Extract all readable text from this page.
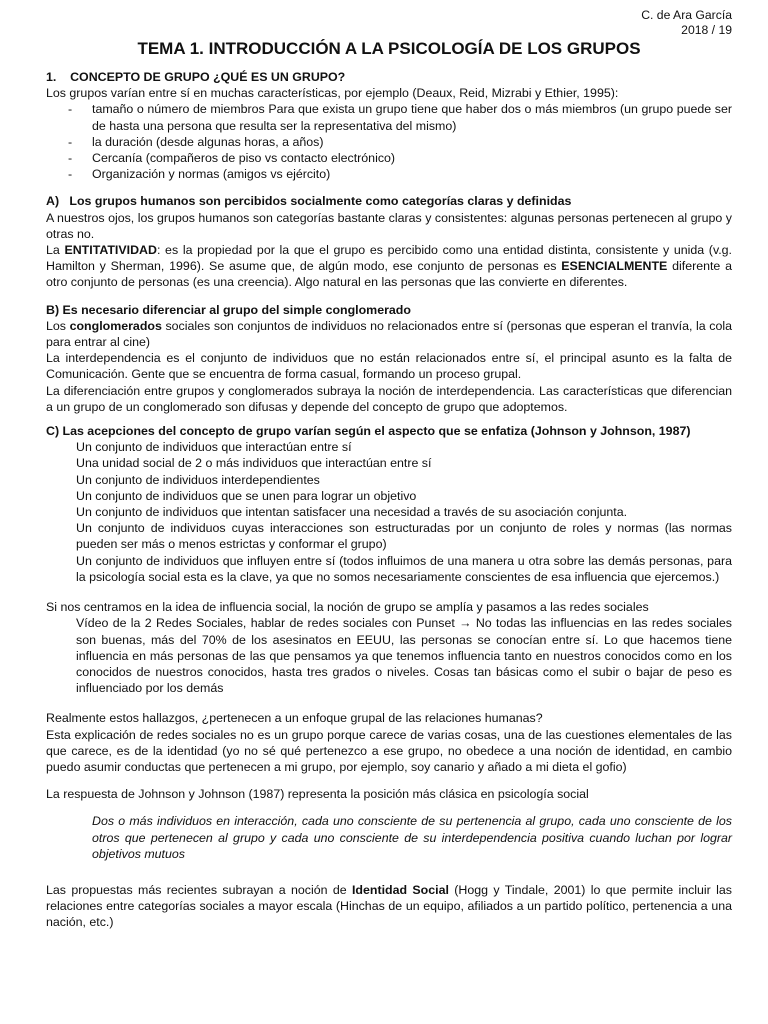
C. de Ara García
2018 / 19
TEMA 1. INTRODUCCIÓN A LA PSICOLOGÍA DE LOS GRUPOS

1.    CONCEPTO DE GRUPO ¿QUÉ ES UN GRUPO?

Los grupos varían entre sí en muchas características, por ejemplo (Deaux, Reid, Mizrabi y Ethier, 1995):

- tamaño o número de miembros Para que exista un grupo tiene que haber dos o más miembros (un grupo puede ser de hasta una persona que resulta ser la representativa del mismo)
- la duración (desde algunas horas, a años)
- Cercanía (compañeros de piso vs contacto electrónico)
- Organización y normas (amigos vs ejército)

A)   Los grupos humanos son percibidos socialmente como categorías claras y definidas

A nuestros ojos, los grupos humanos son categorías bastante claras y consistentes: algunas personas pertenecen al grupo y otras no.

La ENTITATIVIDAD: es la propiedad por la que el grupo es percibido como una entidad distinta, consistente y unida (v.g. Hamilton y Sherman, 1996). Se asume que, de algún modo, ese conjunto de personas es ESENCIALMENTE diferente a otro conjunto de personas (es una creencia). Algo natural en las personas que las convierte en diferentes.

B) Es necesario diferenciar al grupo del simple conglomerado

Los conglomerados sociales son conjuntos de individuos no relacionados entre sí (personas que esperan el tranvía, la cola para entrar al cine)

La interdependencia es el conjunto de individuos que no están relacionados entre sí, el principal asunto es la falta de Comunicación. Gente que se encuentra de forma casual, formando un proceso grupal.

La diferenciación entre grupos y conglomerados subraya la noción de interdependencia. Las características que diferencian a un grupo de un conglomerado son difusas y depende del concepto de grupo que adoptemos.

C) Las acepciones del concepto de grupo varían según el aspecto que se enfatiza (Johnson y Johnson, 1987)

Un conjunto de individuos que interactúan entre sí

Una unidad social de 2 o más individuos que interactúan entre sí

Un conjunto de individuos interdependientes

Un conjunto de individuos que se unen para lograr un objetivo

Un conjunto de individuos que intentan satisfacer una necesidad a través de su asociación conjunta.

Un conjunto de individuos cuyas interacciones son estructuradas por un conjunto de roles y normas (las normas pueden ser más o menos estrictas y conformar el grupo)

Un conjunto de individuos que influyen entre sí (todos influimos de una manera u otra sobre las demás personas, para la psicología social esta es la clave, ya que no somos necesariamente conscientes de esa influencia que ejercemos.)

Si nos centramos en la idea de influencia social, la noción de grupo se amplía y pasamos a las redes sociales

Vídeo de la 2 Redes Sociales, hablar de redes sociales con Punset → No todas las influencias en las redes sociales son buenas, más del 70% de los asesinatos en EEUU, las personas se conocían entre sí. Lo que hacemos tiene influencia en más personas de las que pensamos ya que tenemos influencia tanto en nuestros conocidos como en los conocidos de nuestros conocidos, hasta tres grados o niveles. Cosas tan básicas como el subir o bajar de peso es influenciado por los demás

Realmente estos hallazgos, ¿pertenecen a un enfoque grupal de las relaciones humanas?

Esta explicación de redes sociales no es un grupo porque carece de varias cosas, una de las cuestiones elementales de las que carece, es de la identidad (yo no sé qué pertenezco a ese grupo, no obedece a una noción de identidad, en cambio puedo asumir conductas que pertenecen a mi grupo, por ejemplo, soy canario y añado a mi dieta el gofio)

La respuesta de Johnson y Johnson (1987) representa la posición más clásica en psicología social

Dos o más individuos en interacción, cada uno consciente de su pertenencia al grupo, cada uno consciente de los otros que pertenecen al grupo y cada uno consciente de su interdependencia positiva cuando luchan por lograr objetivos mutuos

Las propuestas más recientes subrayan a noción de Identidad Social (Hogg y Tindale, 2001) lo que permite incluir las relaciones entre categorías sociales a mayor escala (Hinchas de un equipo, afiliados a un partido político, pertenencia a una nación, etc.)
